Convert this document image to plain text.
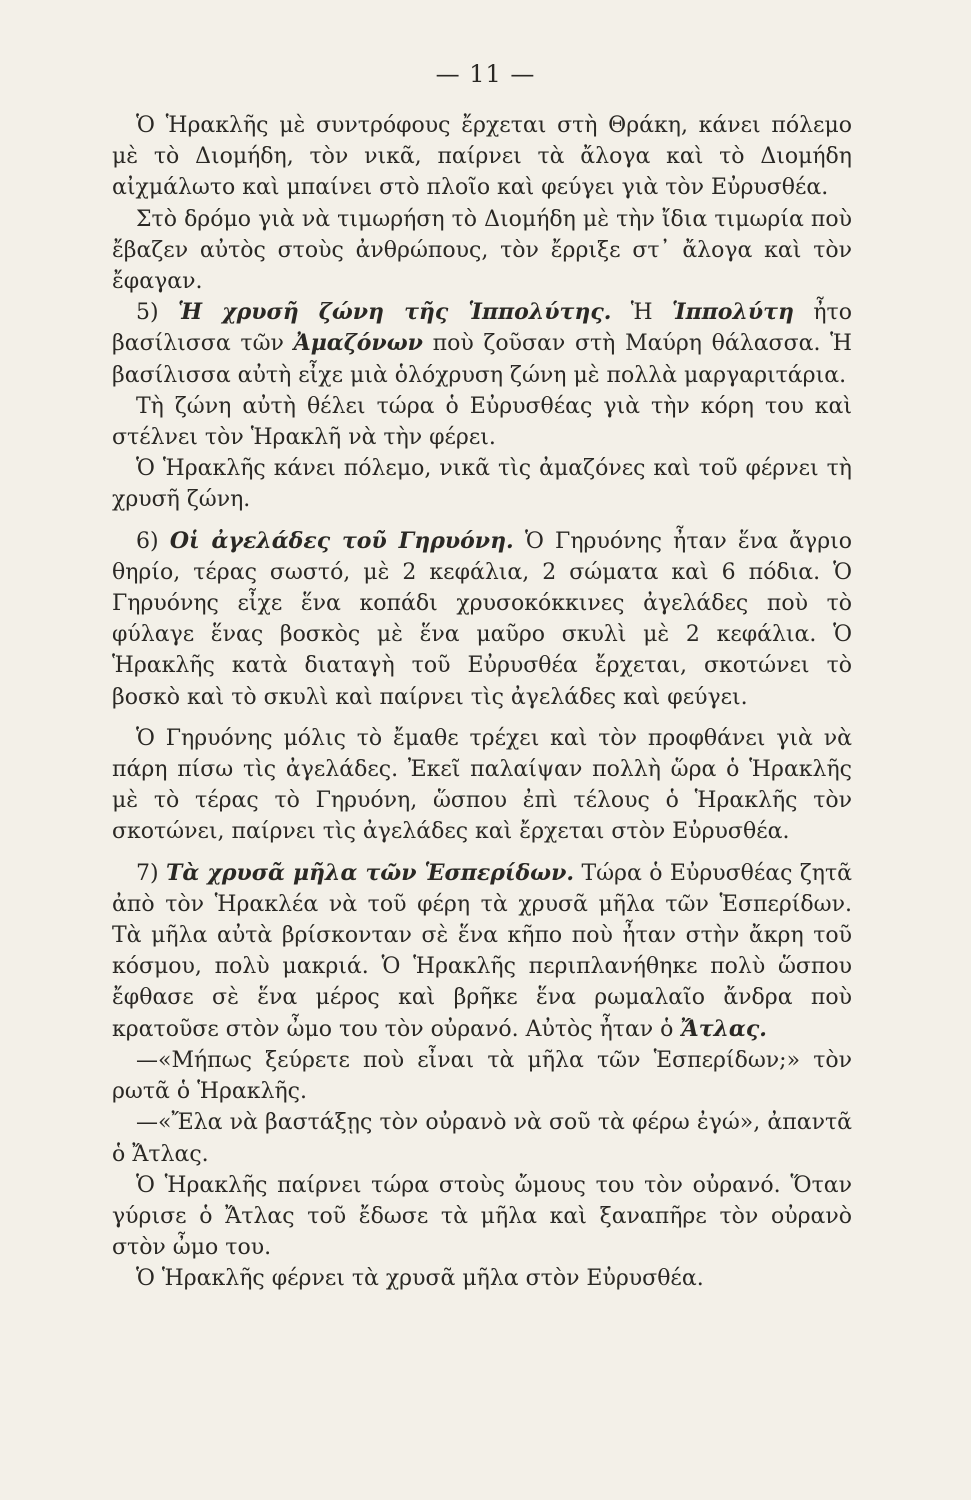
— 11 —

Ὁ Ἡρακλῆς μὲ συντρόφους ἔρχεται στὴ Θράκη, κάνει πόλεμο μὲ τὸ Διομήδη, τὸν νικᾶ, παίρνει τὰ ἄλογα καὶ τὸ Διομήδη αἰχμάλωτο καὶ μπαίνει στὸ πλοῖο καὶ φεύγει γιὰ τὸν Εὐρυσθέα.

Στὸ δρόμο γιὰ νὰ τιμωρήση τὸ Διομήδη μὲ τὴν ἴδια τιμωρία ποὺ ἔβαζεν αὐτὸς στοὺς ἀνθρώπους, τὸν ἔρριξε στ᾽ ἄλογα καὶ τὸν ἔφαγαν.

5) Ἡ χρυσῆ ζώνη τῆς Ἱππολύτης. Ἡ Ἱππολύτη ἦτο βασίλισσα τῶν Ἀμαζόνων ποὺ ζοῦσαν στὴ Μαύρη θάλασσα. Ἡ βασίλισσα αὐτὴ εἶχε μιὰ ὁλόχρυση ζώνη μὲ πολλὰ μαργαριτάρια.

Τὴ ζώνη αὐτὴ θέλει τώρα ὁ Εὐρυσθέας γιὰ τὴν κόρη του καὶ στέλνει τὸν Ἡρακλῆ νὰ τὴν φέρει.

Ὁ Ἡρακλῆς κάνει πόλεμο, νικᾶ τὶς ἀμαζόνες καὶ τοῦ φέρνει τὴ χρυσῆ ζώνη.

6) Οἱ ἀγελάδες τοῦ Γηρυόνη. Ὁ Γηρυόνης ἦταν ἕνα ἄγριο θηρίο, τέρας σωστό, μὲ 2 κεφάλια, 2 σώματα καὶ 6 πόδια. Ὁ Γηρυόνης εἶχε ἕνα κοπάδι χρυσοκόκκινες ἀγελάδες ποὺ τὸ φύλαγε ἕνας βοσκὸς μὲ ἕνα μαῦρο σκυλὶ μὲ 2 κεφάλια. Ὁ Ἡρακλῆς κατὰ διαταγὴ τοῦ Εὐρυσθέα ἔρχεται, σκοτώνει τὸ βοσκὸ καὶ τὸ σκυλὶ καὶ παίρνει τὶς ἀγελάδες καὶ φεύγει.

Ὁ Γηρυόνης μόλις τὸ ἔμαθε τρέχει καὶ τὸν προφθάνει γιὰ νὰ πάρη πίσω τὶς ἀγελάδες. Ἐκεῖ παλαίψαν πολλὴ ὥρα ὁ Ἡρακλῆς μὲ τὸ τέρας τὸ Γηρυόνη, ὥσπου ἐπὶ τέλους ὁ Ἡρακλῆς τὸν σκοτώνει, παίρνει τὶς ἀγελάδες καὶ ἔρχεται στὸν Εὐρυσθέα.

7) Τὰ χρυσᾶ μῆλα τῶν Ἑσπερίδων. Τώρα ὁ Εὐρυσθέας ζητᾶ ἀπὸ τὸν Ἡρακλέα νὰ τοῦ φέρη τὰ χρυσᾶ μῆλα τῶν Ἑσπερίδων. Τὰ μῆλα αὐτὰ βρίσκονταν σὲ ἕνα κῆπο ποὺ ἦταν στὴν ἄκρη τοῦ κόσμου, πολὺ μακριά. Ὁ Ἡρακλῆς περιπλανήθηκε πολὺ ὥσπου ἔφθασε σὲ ἕνα μέρος καὶ βρῆκε ἕνα ρωμαλαῖο ἄνδρα ποὺ κρατοῦσε στὸν ὦμο του τὸν οὐρανό. Αὐτὸς ἦταν ὁ Ἄτλας.

—«Μήπως ξεύρετε ποὺ εἶναι τὰ μῆλα τῶν Ἑσπερίδων;» τὸν ρωτᾶ ὁ Ἡρακλῆς.

—«Ἔλα νὰ βαστάξῃς τὸν οὐρανὸ νὰ σοῦ τὰ φέρω ἐγώ», ἀπαντᾶ ὁ Ἄτλας.

Ὁ Ἡρακλῆς παίρνει τώρα στοὺς ὤμους του τὸν οὐρανό. Ὅταν γύρισε ὁ Ἄτλας τοῦ ἔδωσε τὰ μῆλα καὶ ξαναπῆρε τὸν οὐρανὸ στὸν ὦμο του.

Ὁ Ἡρακλῆς φέρνει τὰ χρυσᾶ μῆλα στὸν Εὐρυσθέα.
